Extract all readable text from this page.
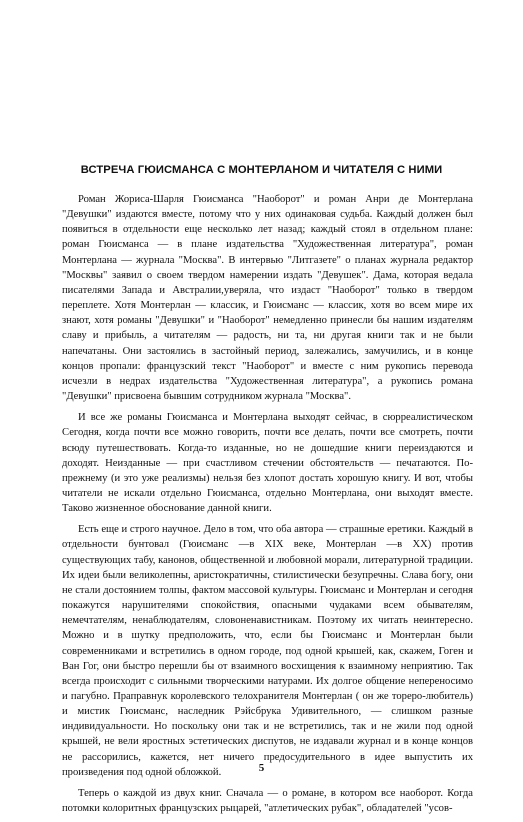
ВСТРЕЧА ГЮИСМАНСА С МОНТЕРЛАНОМ И ЧИТАТЕЛЯ С НИМИ

Роман Жориса-Шарля Гюисманса "Наоборот" и роман Анри де Монтерлана "Девушки" издаются вместе, потому что у них одинаковая судьба. Каждый должен был появиться в отдельности еще несколько лет назад; каждый стоял в отдельном плане: роман Гюисманса — в плане издательства "Художественная литература", роман Монтерлана — журнала "Москва". В интервью "Литгазете" о планах журнала редактор "Москвы" заявил о своем твердом намерении издать "Девушек". Дама, которая ведала писателями Запада и Австралии,уверяла, что издаст "Наоборот" только в твердом переплете. Хотя Монтерлан — классик, и Гюисманс — классик, хотя во всем мире их знают, хотя романы "Девушки" и "Наоборот" немедленно принесли бы нашим издателям славу и прибыль, а читателям — радость, ни та, ни другая книги так и не были напечатаны. Они застоялись в застойный период, залежались, замучились, и в конце концов пропали: французский текст "Наоборот" и вместе с ним рукопись перевода исчезли в недрах издательства "Художественная литература", а рукопись романа "Девушки" присвоена бывшим сотрудником журнала "Москва".

И все же романы Гюисманса и Монтерлана выходят сейчас, в сюрреалистическом Сегодня, когда почти все можно говорить, почти все делать, почти все смотреть, почти всюду путешествовать. Когда-то изданные, но не дошедшие книги переиздаются и доходят. Неизданные — при счастливом стечении обстоятельств — печатаются. По-прежнему (и это уже реализмы) нельзя без хлопот достать хорошую книгу. И вот, чтобы читатели не искали отдельно Гюисманса, отдельно Монтерлана, они выходят вместе. Таково жизненное обоснование данной книги.

Есть еще и строго научное. Дело в том, что оба автора — страшные еретики. Каждый в отдельности бунтовал (Гюисманс —в XIX веке, Монтерлан —в XX) против существующих табу, канонов, общественной и любовной морали, литературной традиции. Их идеи были великолепны, аристократичны, стилистически безупречны. Слава богу, они не стали достоянием толпы, фактом массовой культуры. Гюисманс и Монтерлан и сегодня покажутся нарушителями спокойствия, опасными чудаками всем обывателям, немечтателям, ненаблюдателям, словоненавистникам. Поэтому их читать неинтересно. Можно и в шутку предположить, что, если бы Гюисманс и Монтерлан были современниками и встретились в одном городе, под одной крышей, как, скажем, Гоген и Ван Гог, они быстро перешли бы от взаимного восхищения к взаимному неприятию. Так всегда происходит с сильными творческими натурами. Их долгое общение непереносимо и пагубно. Праправнук королевского телохранителя Монтерлан ( он же тореро-любитель) и мистик Гюисманс, наследник Рэйсбрука Удивительного, — слишком разные индивидуальности. Но поскольку они так и не встретились, так и не жили под одной крышей, не вели яростных эстетических диспутов, не издавали журнал и в конце концов не рассорились, кажется, нет ничего предосудительного в идее выпустить их произведения под одной обложкой.

Теперь о каждой из двух книг. Сначала — о романе, в котором все наоборот. Когда потомки колоритных французских рыцарей, "атлетических рубак", обладателей "усов-

5
